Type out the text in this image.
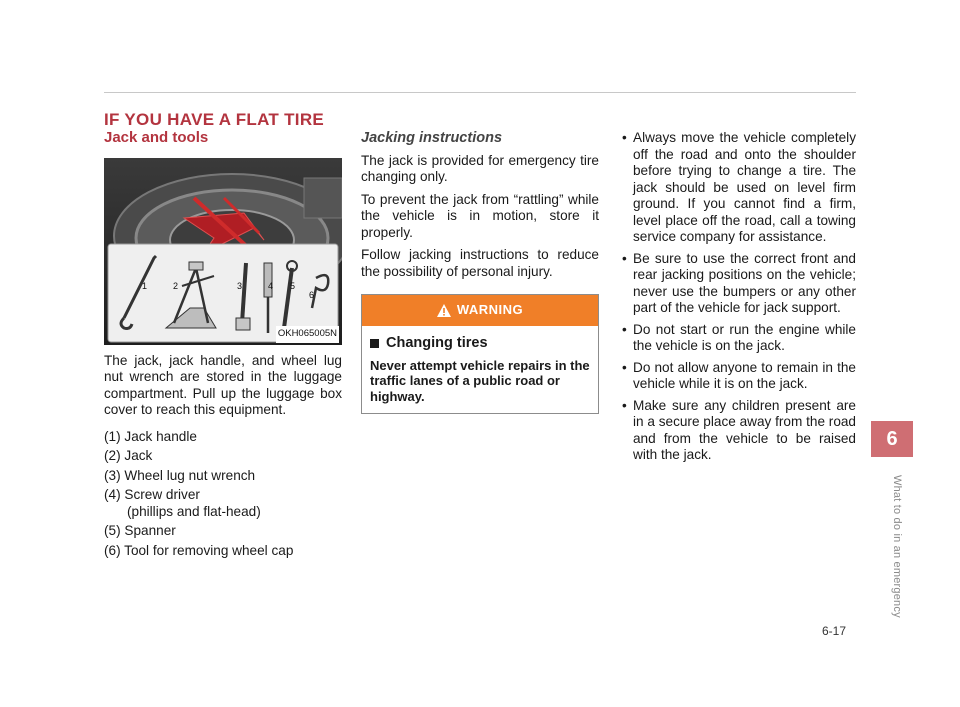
IF YOU HAVE A FLAT TIRE
Jack and tools
1	2	3	4 5
6
OKH065005N

The jack, jack handle, and wheel lug nut wrench are stored in the luggage compartment. Pull up the luggage box cover to reach this equipment.

(1) Jack handle
(2) Jack
(3) Wheel lug nut wrench
(4) Screw driver
(phillips and flat-head)
(5) Spanner
(6) Tool for removing wheel cap
Jacking instructions

The jack is provided for emergency tire changing only.

To prevent the jack from “rattling” while the vehicle is in motion, store it properly.

Follow jacking instructions to reduce the possibility of personal injury.

WARNING
Changing tires

Never attempt vehicle repairs in the traffic lanes of a public road or highway.

• Always move the vehicle completely off the road and onto the shoulder before trying to change a tire. The jack should be used on level firm ground. If you cannot find a firm, level place off the road, call a towing service company for assistance.
• Be sure to use the correct front and rear jacking positions on the vehicle; never use the bumpers or any other part of the vehicle for jack support.
• Do not start or run the engine while the vehicle is on the jack.
• Do not allow anyone to remain in the vehicle while it is on the jack.
• Make sure any children present are in a secure place away from the road and from the vehicle to be raised with the jack.
6
What to do in an emergency
6-17
